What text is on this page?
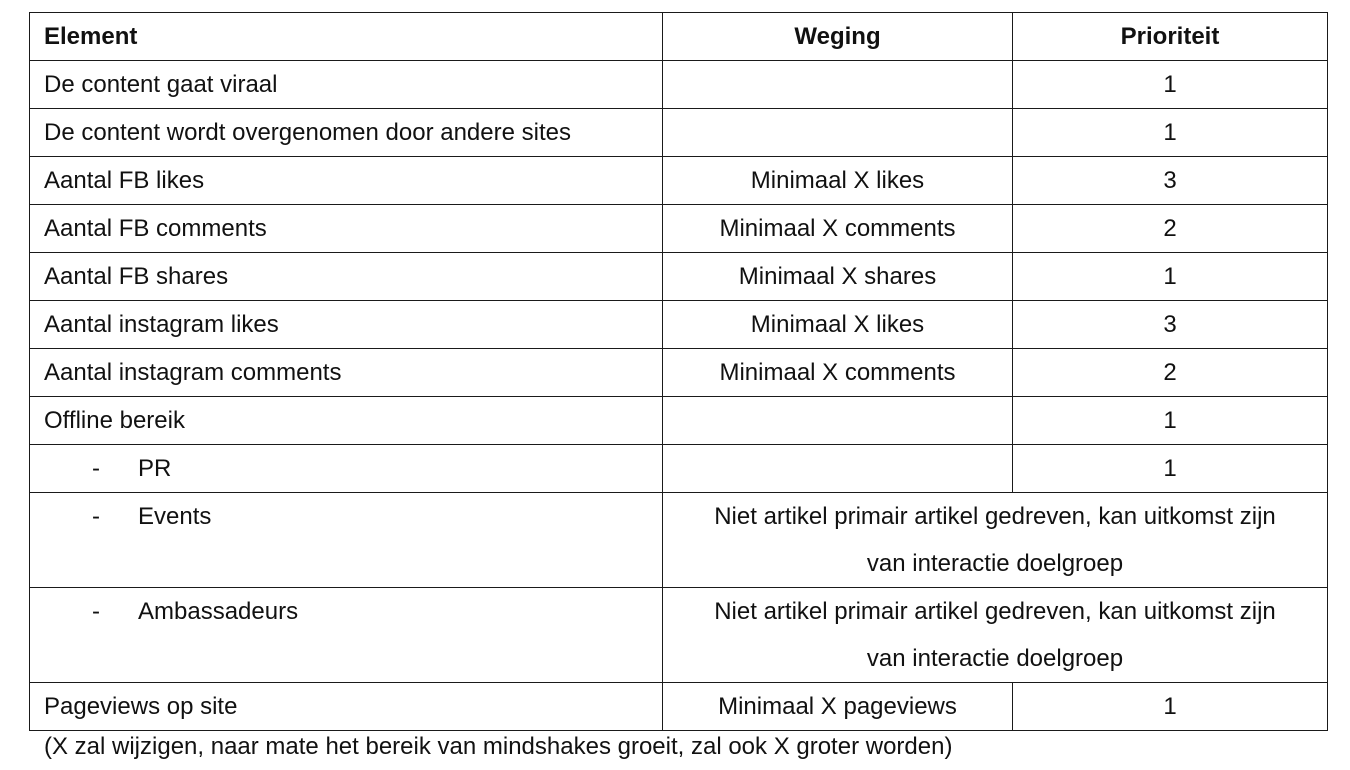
Element	Weging	Prioriteit
De content gaat viraal		1
De content wordt overgenomen door andere sites		1
Aantal FB likes	Minimaal X likes	3
Aantal FB comments	Minimaal X comments	2
Aantal FB shares	Minimaal X shares	1
Aantal instagram likes	Minimaal X likes	3
Aantal instagram comments	Minimaal X comments	2
Offline bereik		1
- PR		1
- Events	Niet artikel primair artikel gedreven, kan uitkomst zijn
van interactie doelgroep	

- Ambassadeurs	Niet artikel primair artikel gedreven, kan uitkomst zijn
van interactie doelgroep	

Pageviews op site	Minimaal X pageviews	1
(X zal wijzigen, naar mate het bereik van mindshakes groeit, zal ook X groter worden)
